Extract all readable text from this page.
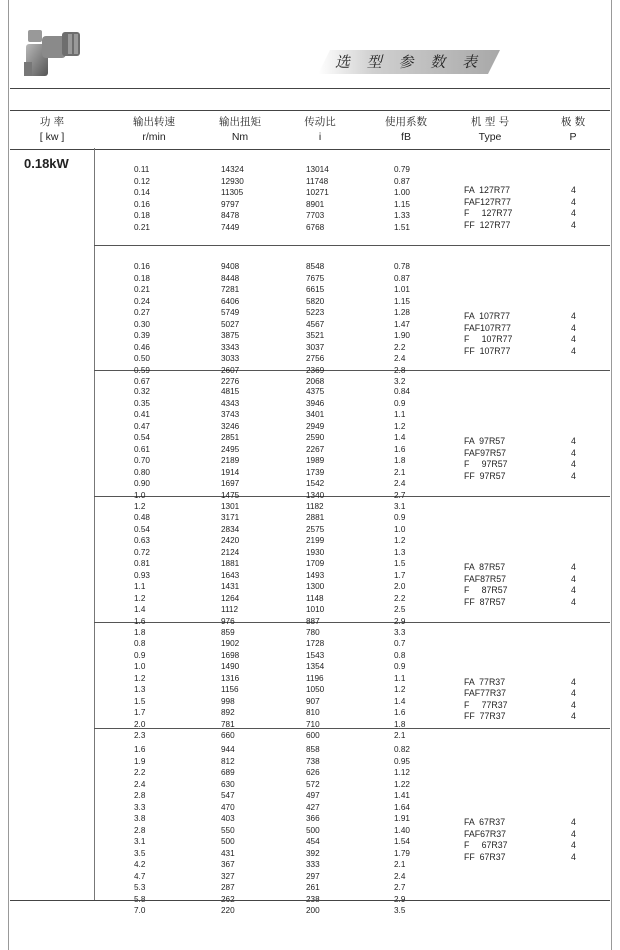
选 型 参 数 表
功 率
[ kw ]
输出转速
r/min
输出扭矩
Nm
传动比
i
使用系数
fB
机 型 号
Type
极 数
P
0.18kW	0.11	14324	13014	0.79
0.12	12930	11748	0.87
0.14	11305	10271	1.00
0.16	9797	8901	1.15
0.18	8478	7703	1.33
0.21	7449	6768	1.51
FA  127R77	4
FAF127R77	4
F     127R77	4
FF  127R77	4
0.16	9408	8548	0.78
0.18	8448	7675	0.87
0.21	7281	6615	1.01
0.24	6406	5820	1.15
0.27	5749	5223	1.28
0.30	5027	4567	1.47
0.39	3875	3521	1.90
0.46	3343	3037	2.2
0.50	3033	2756	2.4
0.59	2607	2369	2.8
0.67	2276	2068	3.2
FA  107R77	4
FAF107R77	4
F     107R77	4
FF  107R77	4
0.32	4815	4375	0.84
0.35	4343	3946	0.9
0.41	3743	3401	1.1
0.47	3246	2949	1.2
0.54	2851	2590	1.4
0.61	2495	2267	1.6
0.70	2189	1989	1.8
0.80	1914	1739	2.1
0.90	1697	1542	2.4
1.0	1475	1340	2.7
1.2	1301	1182	3.1
FA  97R57	4
FAF97R57	4
F     97R57	4
FF  97R57	4
0.48	3171	2881	0.9
0.54	2834	2575	1.0
0.63	2420	2199	1.2
0.72	2124	1930	1.3
0.81	1881	1709	1.5
0.93	1643	1493	1.7
1.1	1431	1300	2.0
1.2	1264	1148	2.2
1.4	1112	1010	2.5
1.6	976	887	2.9
1.8	859	780	3.3
FA  87R57	4
FAF87R57	4
F     87R57	4
FF  87R57	4
0.8	1902	1728	0.7
0.9	1698	1543	0.8
1.0	1490	1354	0.9
1.2	1316	1196	1.1
1.3	1156	1050	1.2
1.5	998	907	1.4
1.7	892	810	1.6
2.0	781	710	1.8
2.3	660	600	2.1
FA  77R37	4
FAF77R37	4
F     77R37	4
FF  77R37	4
1.6	944	858	0.82
1.9	812	738	0.95
2.2	689	626	1.12
2.4	630	572	1.22
2.8	547	497	1.41
3.3	470	427	1.64
3.8	403	366	1.91
2.8	550	500	1.40
3.1	500	454	1.54
3.5	431	392	1.79
4.2	367	333	2.1
4.7	327	297	2.4
5.3	287	261	2.7
5.8	262	238	2.9
7.0	220	200	3.5
FA  67R37	4
FAF67R37	4
F     67R37	4
FF  67R37	4
